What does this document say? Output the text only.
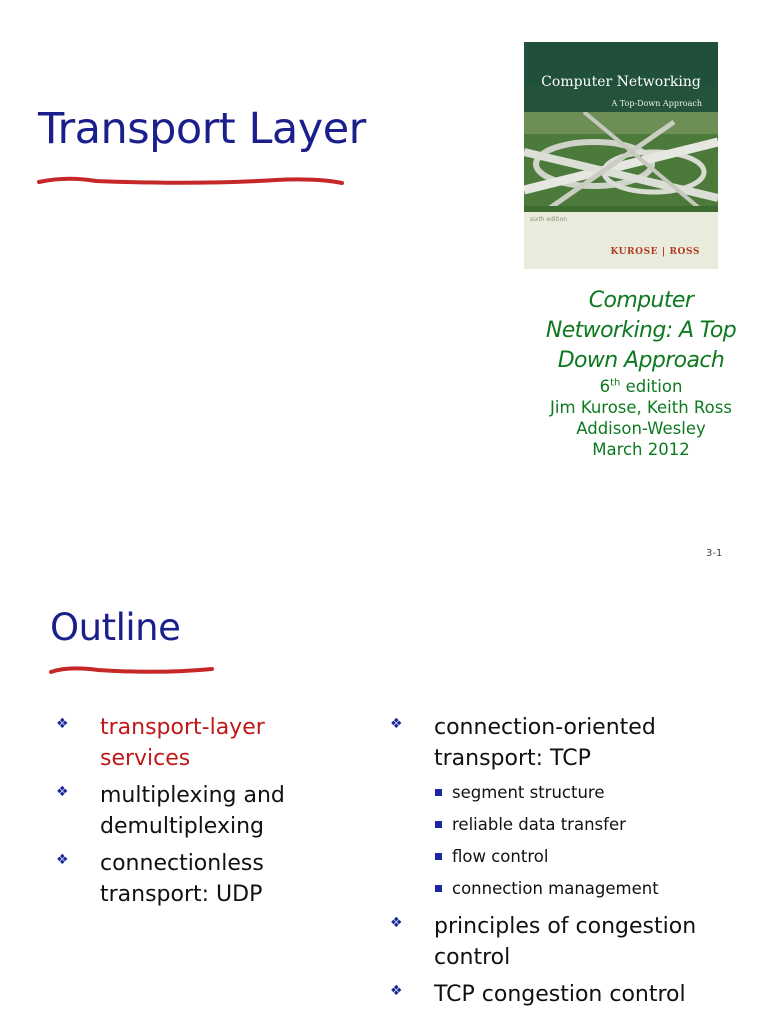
Transport Layer
Computer Networking
A Top-Down Approach
sixth edition
KUROSE | ROSS
Computer
Networking: A Top
Down Approach
6th edition
Jim Kurose, Keith Ross
Addison-Wesley
March 2012
3-1
Outline
❖ transport-layer services
❖ multiplexing and demultiplexing
❖ connectionless transport: UDP
❖ connection-oriented transport: TCP
segment structure
reliable data transfer
flow control
connection management
❖ principles of congestion control
❖ TCP congestion control
